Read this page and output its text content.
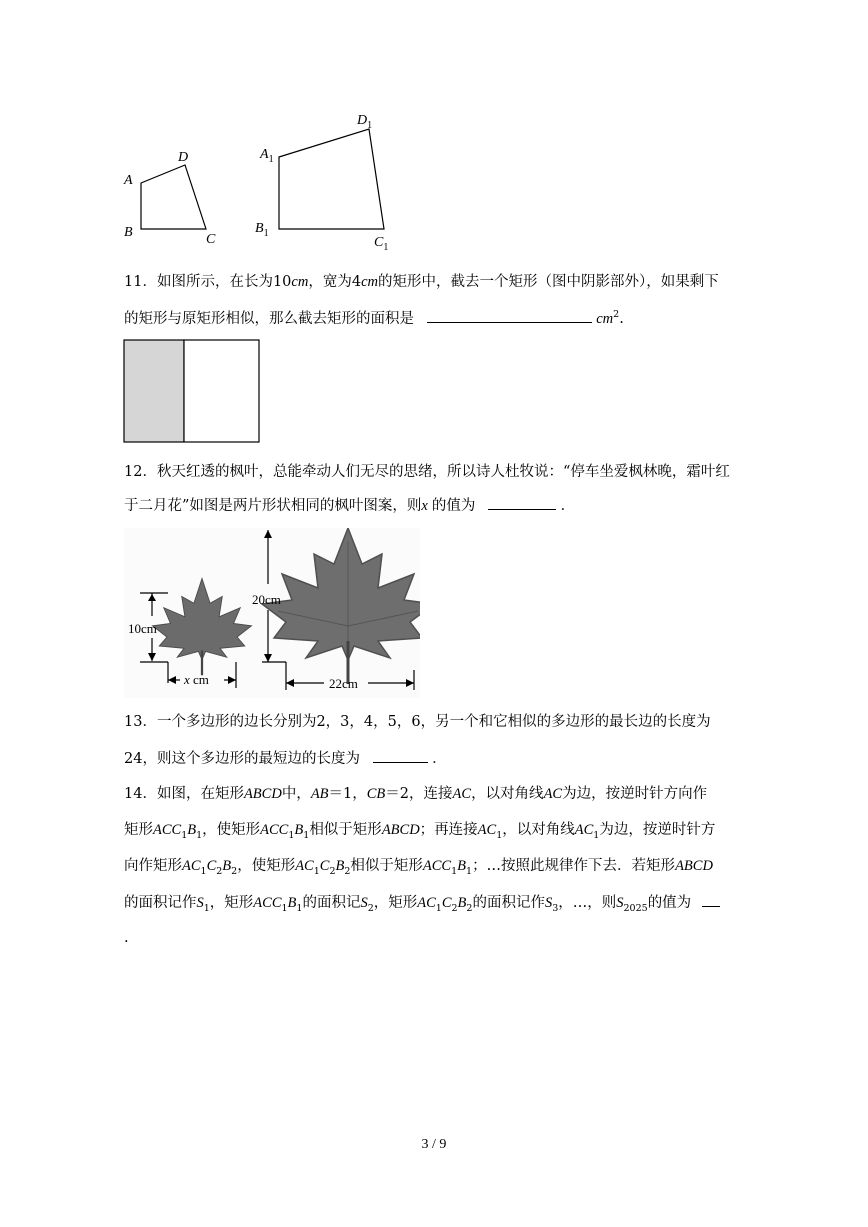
A
D
B	C
$A_1$
$D_1$
$B_1$
$C_1$
11．如图所示，在长为10cm，宽为4cm的矩形中，截去一个矩形（图中阴影部外），如果剩下
的矩形与原矩形相似，那么截去矩形的面积是	$cm^2$.
12．秋天红透的枫叶，总能牵动人们无尽的思绪，所以诗人杜牧说：“停车坐爱枫林晚，霜叶红
于二月花”如图是两片形状相同的枫叶图案，则x 的值为	．
10cm
x cm
20cm
22cm
13．一个多边形的边长分别为2，3，4，5，6，另一个和它相似的多边形的最长边的长度为
24，则这个多边形的最短边的长度为	．
14．如图，在矩形ABCD中，AB＝1，CB＝2，连接AC，以对角线AC为边，按逆时针方向作
矩形$ACC_1B_1$，使矩形$ACC_1B_1$相似于矩形ABCD；再连接$AC_1$，以对角线$AC_1$为边，按逆时针方
向作矩形$AC_1C_2B_2$，使矩形$AC_1C_2B_2$相似于矩形$ACC_1B_1$；…按照此规律作下去．若矩形ABCD
的面积记作$S_1$，矩形$ACC_1B_1$的面积记$S_2$，矩形$AC_1C_2B_2$的面积记作$S_3$，…，则$S_{2025}$的值为
.
3 / 9
